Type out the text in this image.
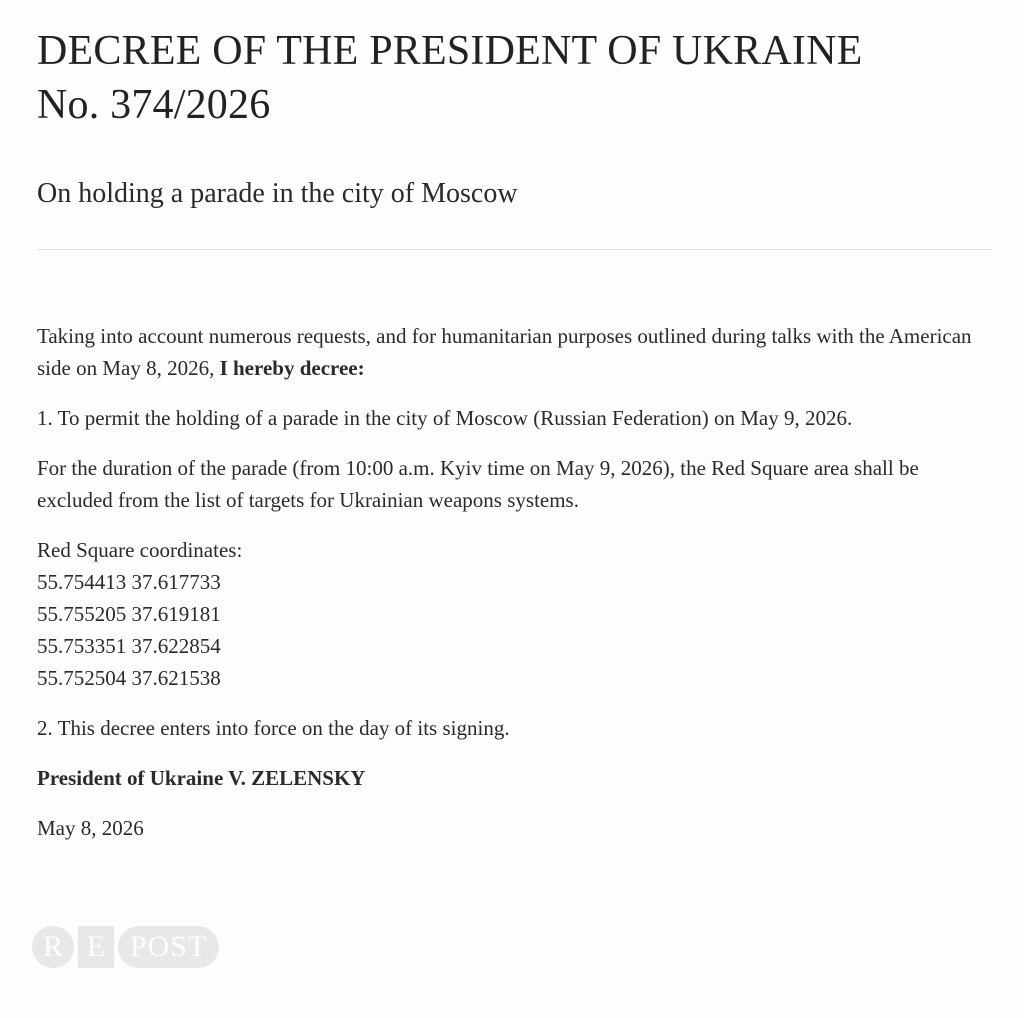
DECREE OF THE PRESIDENT OF UKRAINE
No. 374/2026
On holding a parade in the city of Moscow

Taking into account numerous requests, and for humanitarian purposes outlined during talks with the American side on May 8, 2026, I hereby decree:

1. To permit the holding of a parade in the city of Moscow (Russian Federation) on May 9, 2026.

For the duration of the parade (from 10:00 a.m. Kyiv time on May 9, 2026), the Red Square area shall be excluded from the list of targets for Ukrainian weapons systems.

Red Square coordinates:
55.754413 37.617733
55.755205 37.619181
55.753351 37.622854
55.752504 37.621538

2. This decree enters into force on the day of its signing.

President of Ukraine V. ZELENSKY

May 8, 2026

R E POST
